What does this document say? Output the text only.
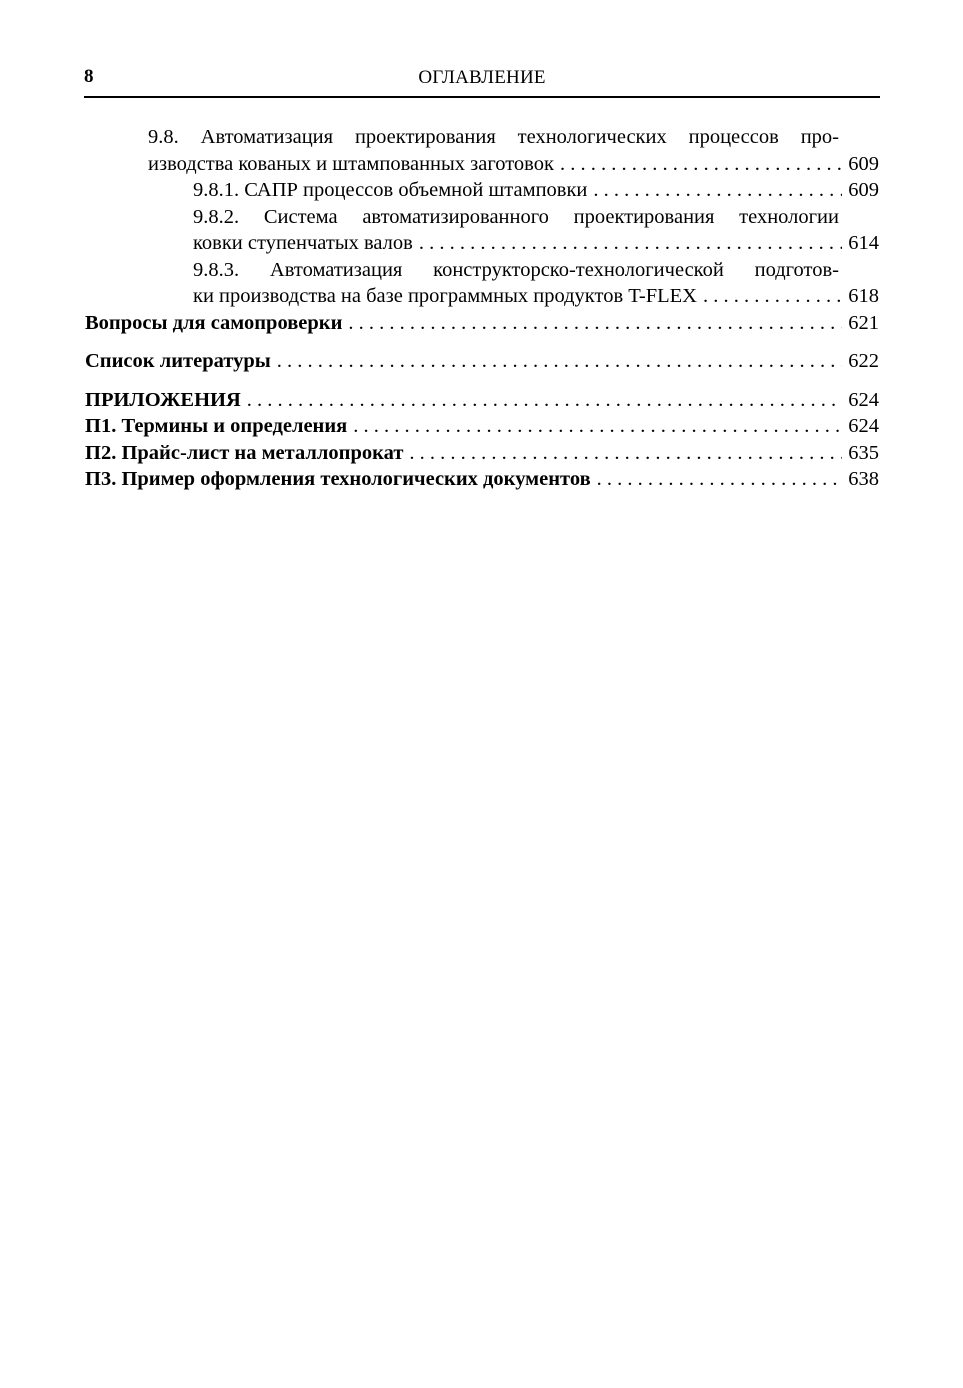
8	ОГЛАВЛЕНИЕ
9.8. Автоматизация проектирования технологических процессов про-
изводства кованых и штампованных заготовок . . .	609
9.8.1. САПР процессов объемной штамповки . . .	609
9.8.2. Система автоматизированного проектирования технологии
ковки ступенчатых валов . . .	614
9.8.3. Автоматизация конструкторско-технологической подготов-
ки производства на базе программных продуктов T-FLEX . . .	618
Вопросы для самопроверки . . .	621
Список литературы . . .	622
ПРИЛОЖЕНИЯ . . .	624
П1. Термины и определения . . .	624
П2. Прайс-лист на металлопрокат . . .	635
П3. Пример оформления технологических документов . . .	638
